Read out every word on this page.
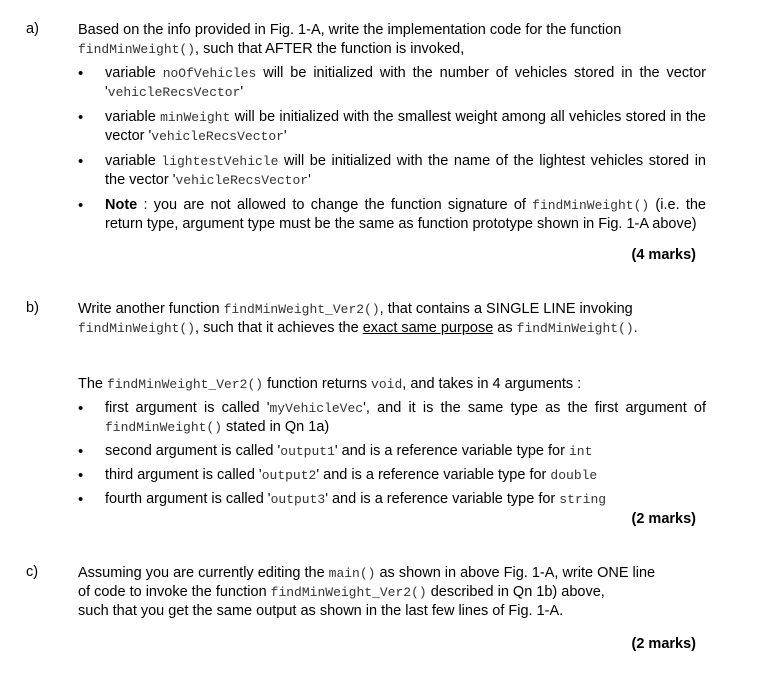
a)	Based on the info provided in Fig. 1-A, write the implementation code for the function
findMinWeight(), such that AFTER the function is invoked,
• variable noOfVehicles will be initialized with the number of vehicles stored in the vector 'vehicleRecsVector'
• variable minWeight will be initialized with the smallest weight among all vehicles stored in the vector 'vehicleRecsVector'
• variable lightestVehicle will be initialized with the name of the lightest vehicles stored in the vector 'vehicleRecsVector'
• Note : you are not allowed to change the function signature of findMinWeight() (i.e. the return type, argument type must be the same as function prototype shown in Fig. 1-A above)
(4 marks)
b)	Write another function findMinWeight_Ver2(), that contains a SINGLE LINE invoking findMinWeight(), such that it achieves the exact same purpose as findMinWeight().
The findMinWeight_Ver2() function returns void, and takes in 4 arguments :
• first argument is called 'myVehicleVec', and it is the same type as the first argument of findMinWeight() stated in Qn 1a)
• second argument is called 'output1' and is a reference variable type for int
• third argument is called 'output2' and is a reference variable type for double
• fourth argument is called 'output3' and is a reference variable type for string
(2 marks)
c)	Assuming you are currently editing the main() as shown in above Fig. 1-A, write ONE line
of code to invoke the function findMinWeight_Ver2() described in Qn 1b) above,
such that you get the same output as shown in the last few lines of Fig. 1-A.
(2 marks)
